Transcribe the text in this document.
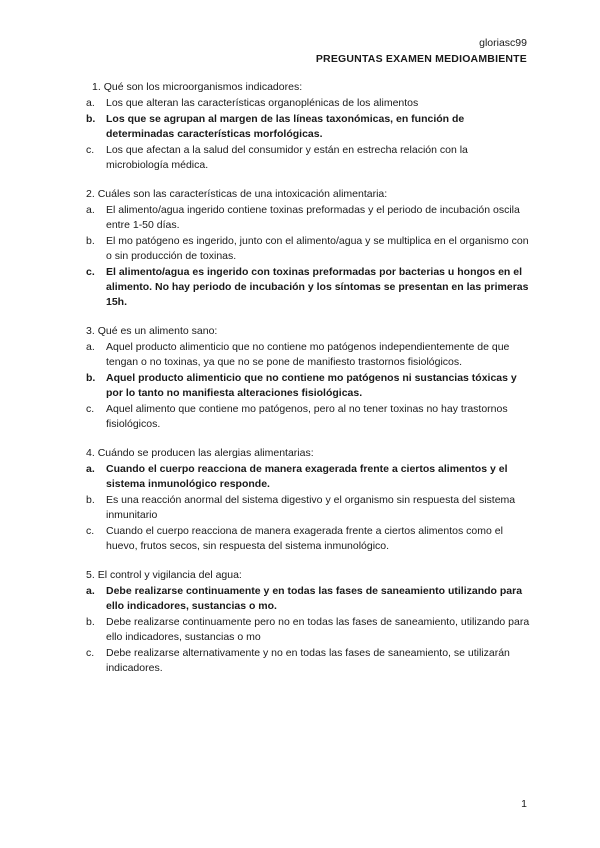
gloriasc99
PREGUNTAS EXAMEN MEDIOAMBIENTE
1. Qué son los microorganismos indicadores:
a. Los que alteran las características organoplénicas de los alimentos
b. Los que se agrupan al margen de las líneas taxonómicas, en función de determinadas características morfológicas.
c. Los que afectan a la salud del consumidor y están en estrecha relación con la microbiología médica.
2. Cuáles son las características de una intoxicación alimentaria:
a. El alimento/agua ingerido contiene toxinas preformadas y el periodo de incubación oscila entre 1-50 días.
b. El mo patógeno es ingerido, junto con el alimento/agua y se multiplica en el organismo con o sin producción de toxinas.
c. El alimento/agua es ingerido con toxinas preformadas por bacterias u hongos en el alimento. No hay periodo de incubación y los síntomas se presentan en las primeras 15h.
3. Qué es un alimento sano:
a. Aquel producto alimenticio que no contiene mo patógenos independientemente de que tengan o no toxinas, ya que no se pone de manifiesto trastornos fisiológicos.
b. Aquel producto alimenticio que no contiene mo patógenos ni sustancias tóxicas y por lo tanto no manifiesta alteraciones fisiológicas.
c. Aquel alimento que contiene mo patógenos, pero al no tener toxinas no hay trastornos fisiológicos.
4. Cuándo se producen las alergias alimentarias:
a. Cuando el cuerpo reacciona de manera exagerada frente a ciertos alimentos y el sistema inmunológico responde.
b. Es una reacción anormal del sistema digestivo y el organismo sin respuesta del sistema inmunitario
c. Cuando el cuerpo reacciona de manera exagerada frente a ciertos alimentos como el huevo, frutos secos, sin respuesta del sistema inmunológico.
5. El control y vigilancia del agua:
a. Debe realizarse continuamente y en todas las fases de saneamiento utilizando para ello indicadores, sustancias o mo.
b. Debe realizarse continuamente pero no en todas las fases de saneamiento, utilizando para ello indicadores, sustancias o mo
c. Debe realizarse alternativamente y no en todas las fases de saneamiento, se utilizarán indicadores.
1
